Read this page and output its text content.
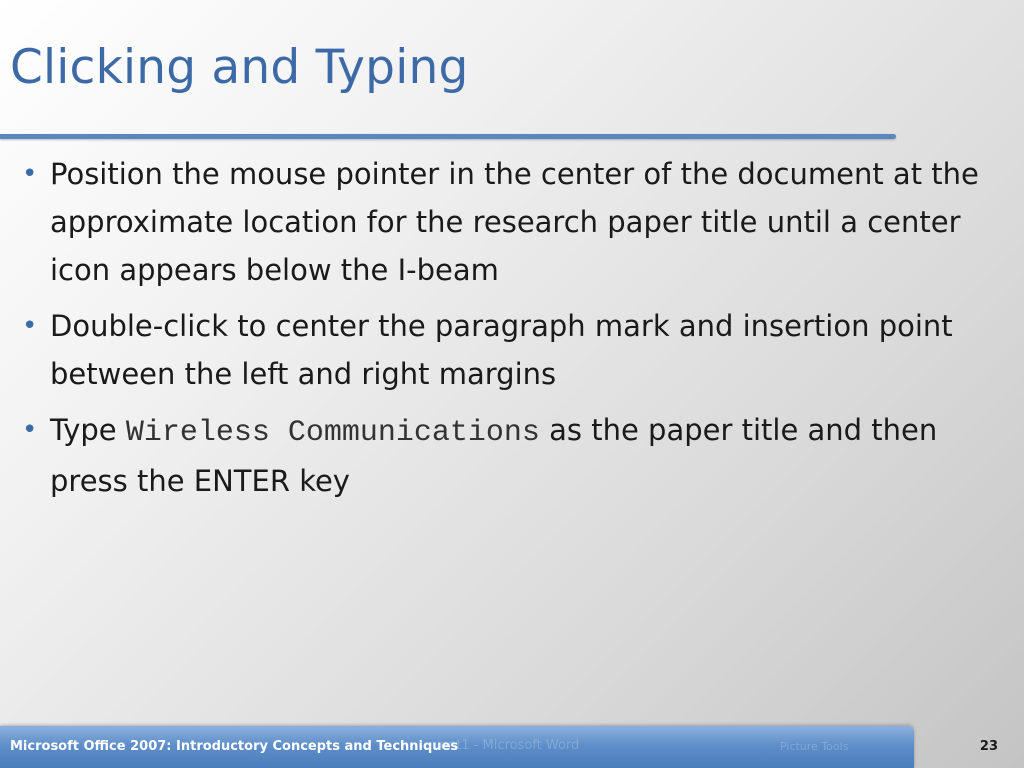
Clicking and Typing
• Position the mouse pointer in the center of the document at the approximate location for the research paper title until a center icon appears below the I-beam
• Double-click to center the paragraph mark and insertion point between the left and right margins
• Type Wireless Communications as the paper title and then press the ENTER key
ent1 - Microsoft Word	Picture Tools
Microsoft Office 2007: Introductory Concepts and Techniques	23
